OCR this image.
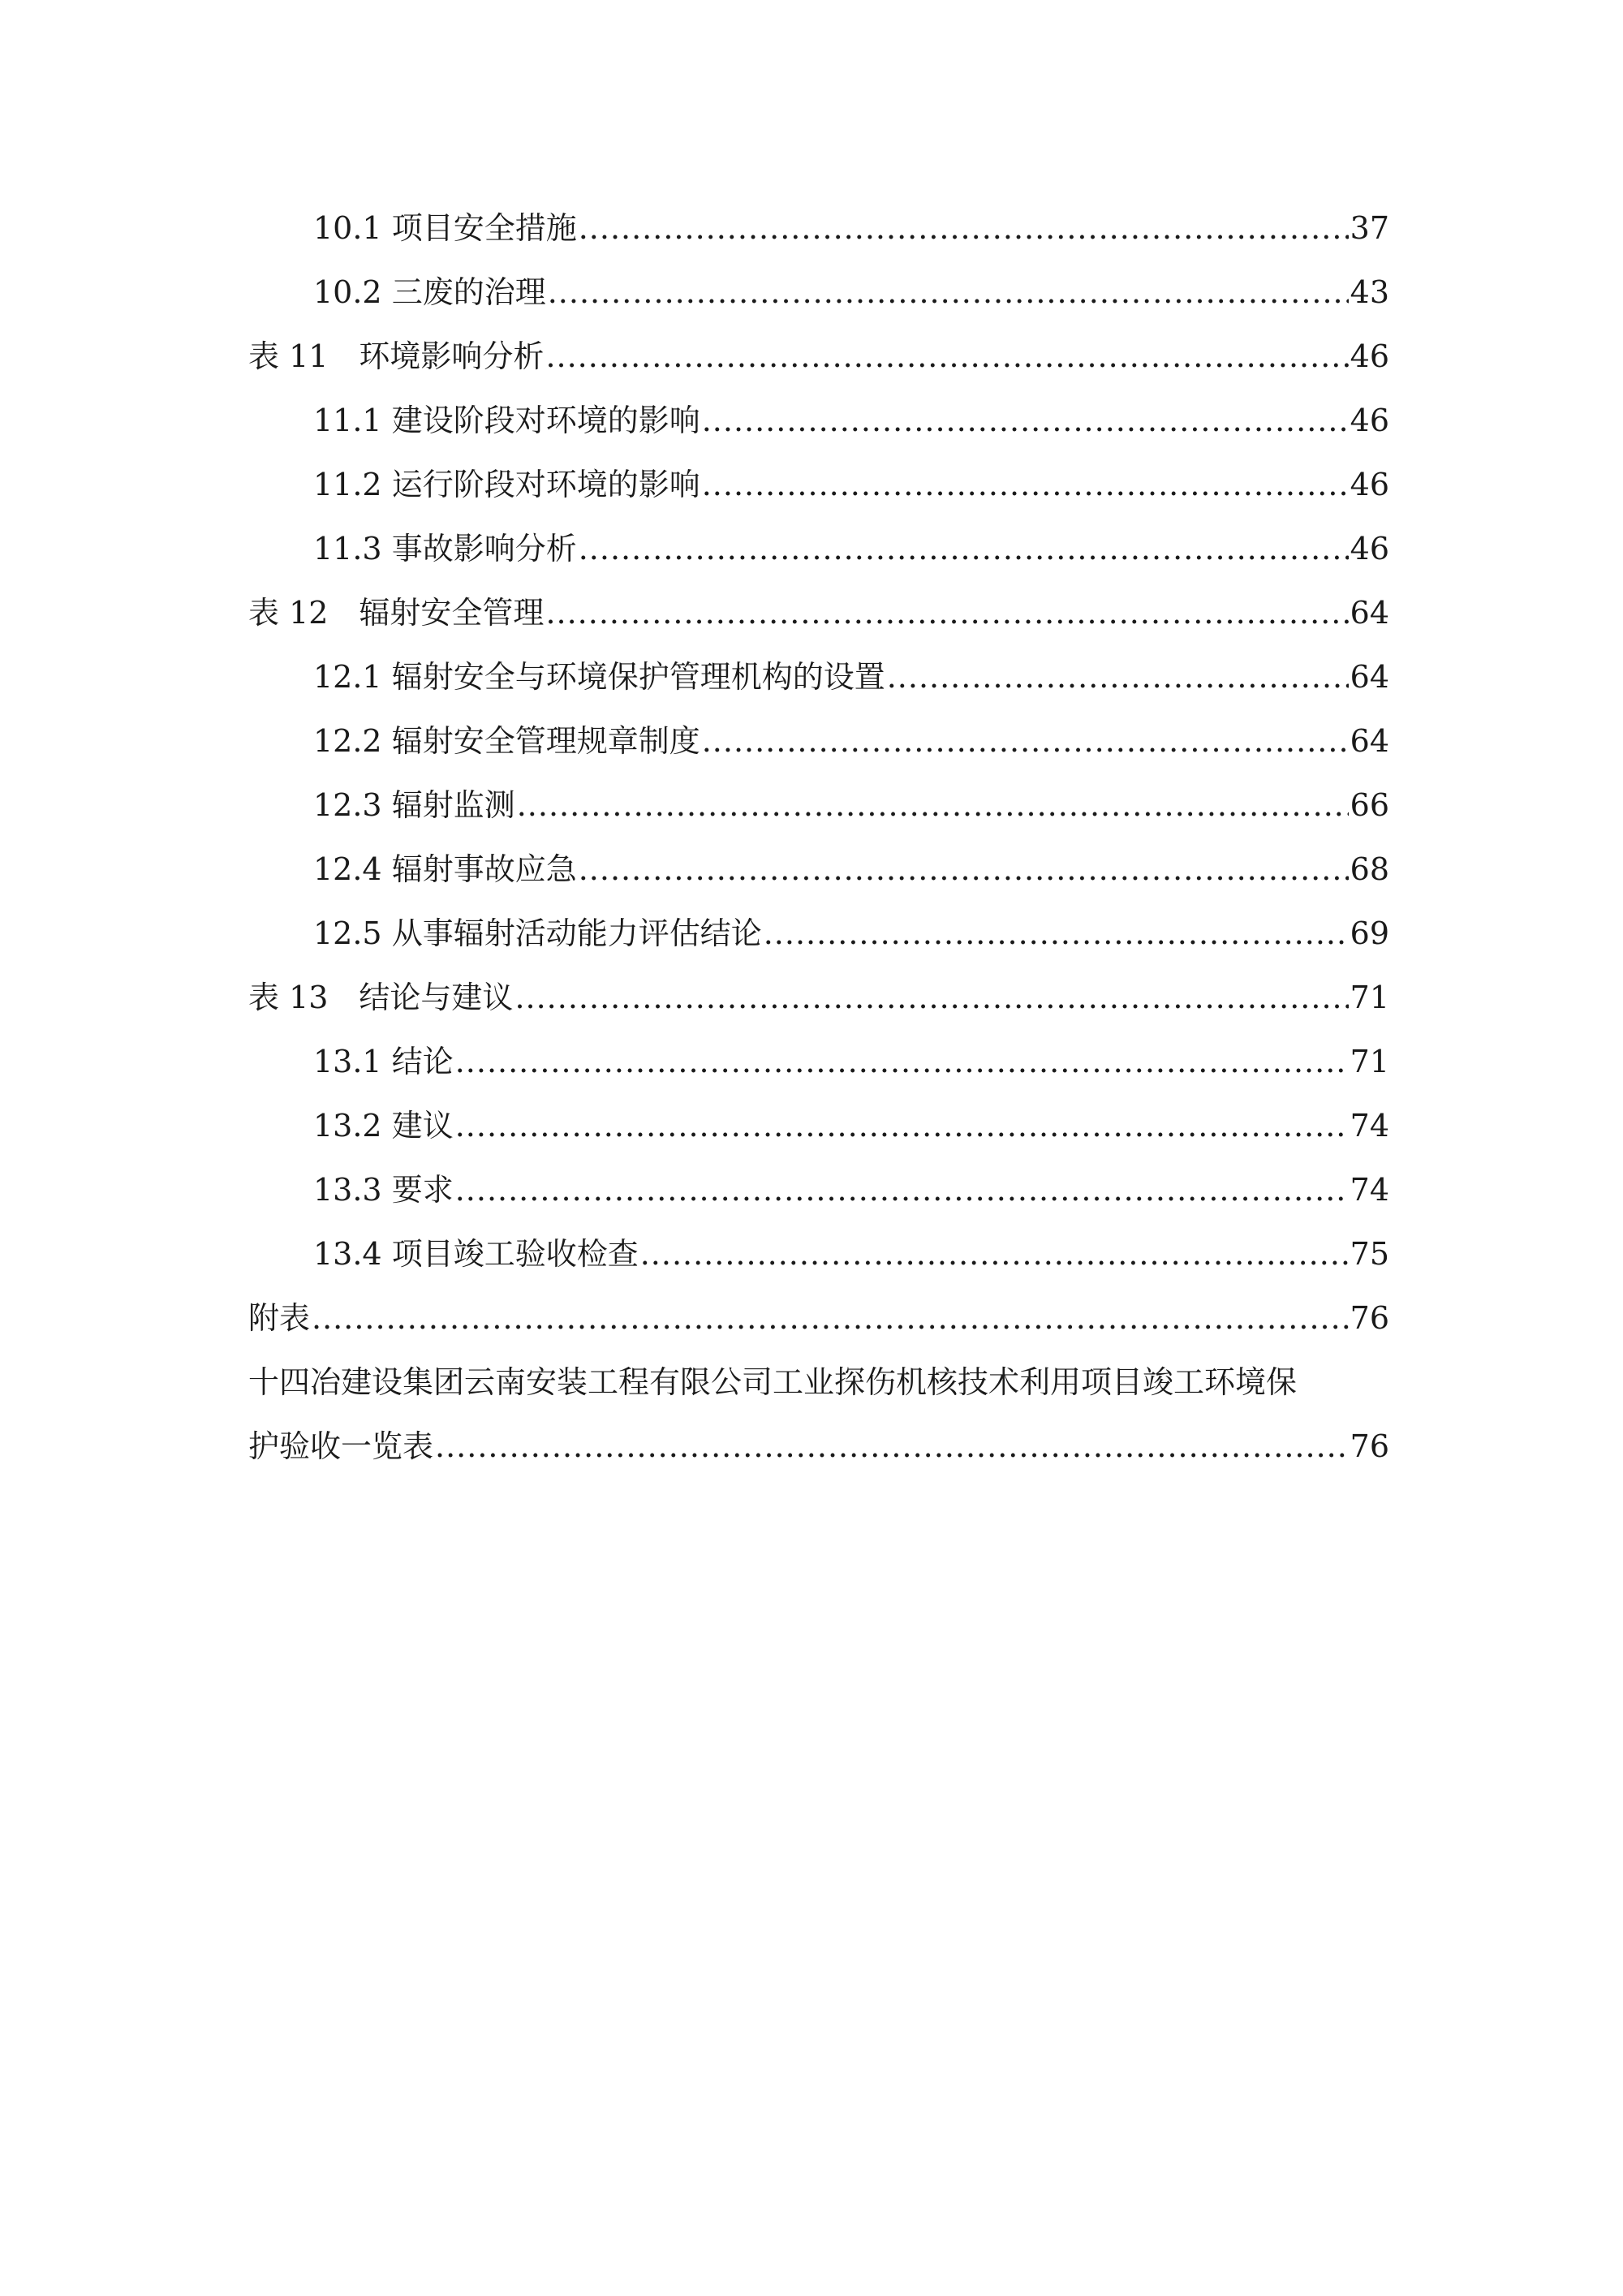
10.1 项目安全措施 .....	37
10.2 三废的治理 .....	43
表 11　环境影响分析 .....	46
11.1 建设阶段对环境的影响 .....	46
11.2 运行阶段对环境的影响 .....	46
11.3 事故影响分析 .....	46
表 12　辐射安全管理 .....	64
12.1 辐射安全与环境保护管理机构的设置 .....	64
12.2 辐射安全管理规章制度 .....	64
12.3 辐射监测 .....	66
12.4 辐射事故应急 .....	68
12.5 从事辐射活动能力评估结论 .....	69
表 13　结论与建议 .....	71
13.1 结论 .....	71
13.2 建议 .....	74
13.3 要求 .....	74
13.4 项目竣工验收检查 .....	75
附表 .....	76
十四冶建设集团云南安装工程有限公司工业探伤机核技术利用项目竣工环境保
护验收一览表 .....	76
